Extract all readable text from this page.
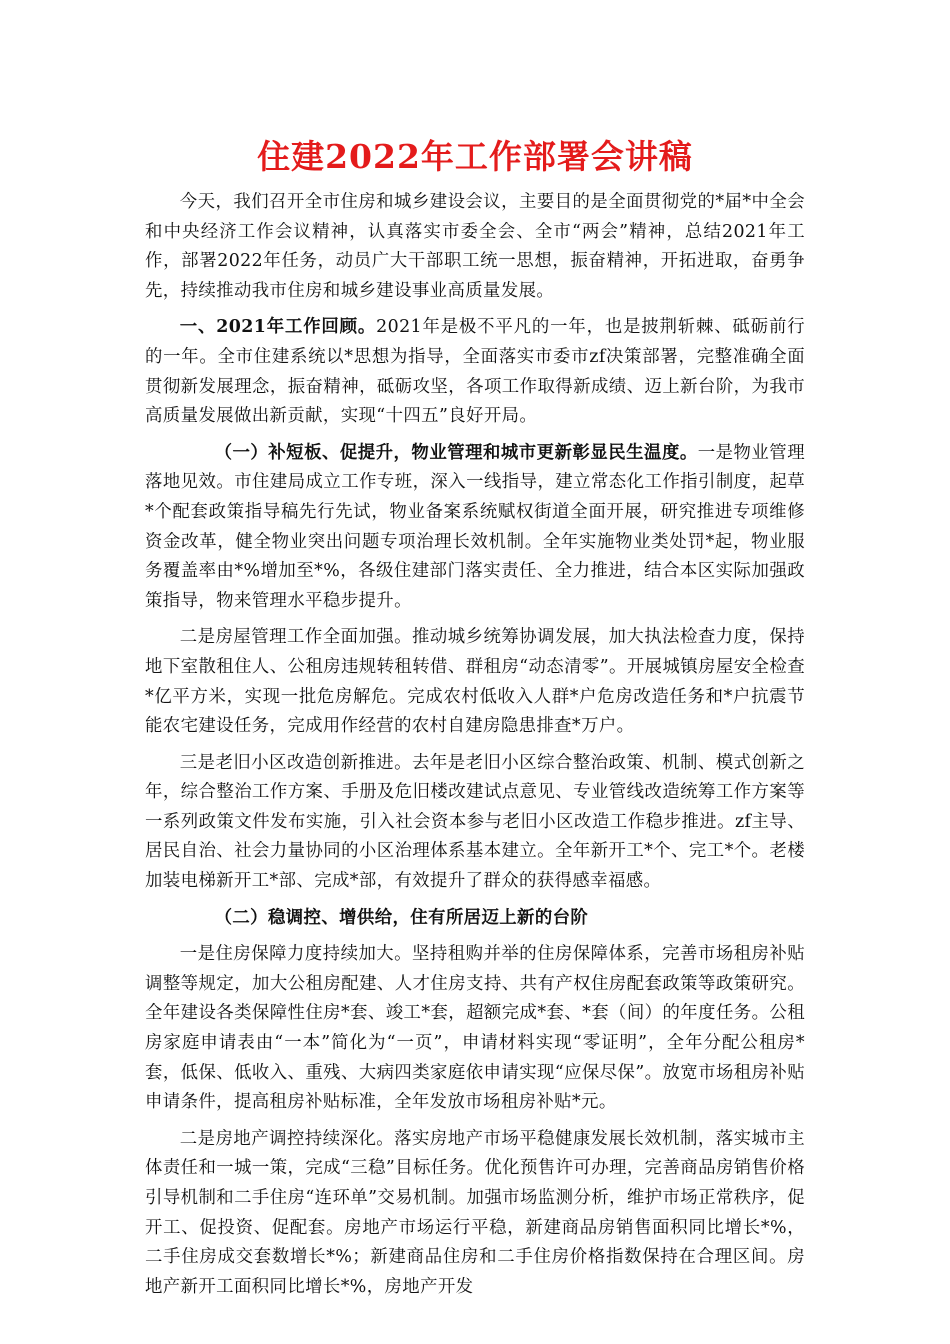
住建2022年工作部署会讲稿

今天，我们召开全市住房和城乡建设会议，主要目的是全面贯彻党的*届*中全会和中央经济工作会议精神，认真落实市委全会、全市“两会”精神，总结2021年工作，部署2022年任务，动员广大干部职工统一思想，振奋精神，开拓进取，奋勇争先，持续推动我市住房和城乡建设事业高质量发展。

一、2021年工作回顾。2021年是极不平凡的一年，也是披荆斩棘、砥砺前行的一年。全市住建系统以*思想为指导，全面落实市委市zf决策部署，完整准确全面贯彻新发展理念，振奋精神，砥砺攻坚，各项工作取得新成绩、迈上新台阶，为我市高质量发展做出新贡献，实现“十四五”良好开局。

（一）补短板、促提升，物业管理和城市更新彰显民生温度。一是物业管理落地见效。市住建局成立工作专班，深入一线指导，建立常态化工作指引制度，起草*个配套政策指导稿先行先试，物业备案系统赋权街道全面开展，研究推进专项维修资金改革，健全物业突出问题专项治理长效机制。全年实施物业类处罚*起，物业服务覆盖率由*%增加至*%，各级住建部门落实责任、全力推进，结合本区实际加强政策指导，物来管理水平稳步提升。

二是房屋管理工作全面加强。推动城乡统筹协调发展，加大执法检查力度，保持地下室散租住人、公租房违规转租转借、群租房“动态清零”。开展城镇房屋安全检查*亿平方米，实现一批危房解危。完成农村低收入人群*户危房改造任务和*户抗震节能农宅建设任务，完成用作经营的农村自建房隐患排查*万户。

三是老旧小区改造创新推进。去年是老旧小区综合整治政策、机制、模式创新之年，综合整治工作方案、手册及危旧楼改建试点意见、专业管线改造统筹工作方案等一系列政策文件发布实施，引入社会资本参与老旧小区改造工作稳步推进。zf主导、居民自治、社会力量协同的小区治理体系基本建立。全年新开工*个、完工*个。老楼加装电梯新开工*部、完成*部，有效提升了群众的获得感幸福感。

（二）稳调控、增供给，住有所居迈上新的台阶

一是住房保障力度持续加大。坚持租购并举的住房保障体系，完善市场租房补贴调整等规定，加大公租房配建、人才住房支持、共有产权住房配套政策等政策研究。全年建设各类保障性住房*套、竣工*套，超额完成*套、*套（间）的年度任务。公租房家庭申请表由“一本”简化为“一页”，申请材料实现“零证明”，全年分配公租房*套，低保、低收入、重残、大病四类家庭依申请实现“应保尽保”。放宽市场租房补贴申请条件，提高租房补贴标准，全年发放市场租房补贴*元。

二是房地产调控持续深化。落实房地产市场平稳健康发展长效机制，落实城市主体责任和一城一策，完成“三稳”目标任务。优化预售许可办理，完善商品房销售价格引导机制和二手住房“连环单”交易机制。加强市场监测分析，维护市场正常秩序，促开工、促投资、促配套。房地产市场运行平稳，新建商品房销售面积同比增长*%，二手住房成交套数增长*%；新建商品住房和二手住房价格指数保持在合理区间。房地产新开工面积同比增长*%，房地产开发
